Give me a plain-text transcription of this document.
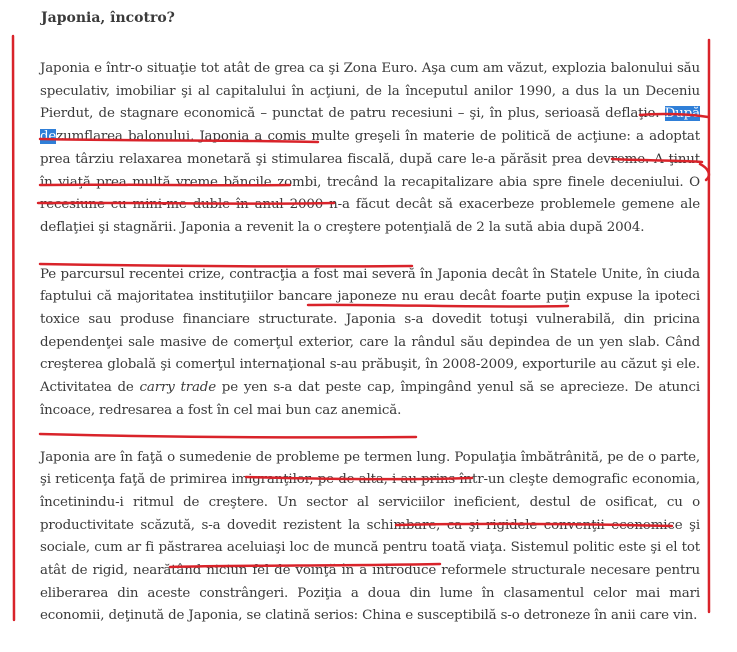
Japonia, încotro?

Japonia e într-o situaţie tot atât de grea ca şi Zona Euro. Aşa cum am văzut, explozia balonului său speculativ, imobiliar şi al capitalului în acţiuni, de la începutul anilor 1990, a dus la un Deceniu Pierdut, de stagnare economică – punctat de patru recesiuni – şi, în plus, serioasă deflaţie. După dezumflarea balonului, Japonia a comis multe greşeli în materie de politică de acţiune: a adoptat prea târziu relaxarea monetară şi stimularea fiscală, după care le-a părăsit prea devreme. A ţinut în viaţă prea multă vreme băncile zombi, trecând la recapitalizare abia spre finele deceniului. O recesiune cu mini-me duble în anul 2000 n-a făcut decât să exacerbeze problemele gemene ale deflaţiei şi stagnării. Japonia a revenit la o creştere potenţială de 2 la sută abia după 2004.

Pe parcursul recentei crize, contracţia a fost mai severă în Japonia decât în Statele Unite, în ciuda faptului că majoritatea instituţiilor bancare japoneze nu erau decât foarte puţin expuse la ipoteci toxice sau produse financiare structurate. Japonia s-a dovedit totuşi vulnerabilă, din pricina dependenţei sale masive de comerţul exterior, care la rândul său depindea de un yen slab. Când creşterea globală şi comerţul internaţional s-au prăbuşit, în 2008-2009, exporturile au căzut şi ele. Activitatea de carry trade pe yen s-a dat peste cap, împingând yenul să se aprecieze. De atunci încoace, redresarea a fost în cel mai bun caz anemică.

Japonia are în faţă o sumedenie de probleme pe termen lung. Populaţia îmbătrânită, pe de o parte, şi reticenţa faţă de primirea imigranţilor, pe de alta, i-au prins într-un cleşte demografic economia, încetinindu-i ritmul de creştere. Un sector al serviciilor ineficient, destul de osificat, cu o productivitate scăzută, s-a dovedit rezistent la schimbare, ca şi rigidele convenţii economice şi sociale, cum ar fi păstrarea aceluiaşi loc de muncă pentru toată viaţa. Sistemul politic este şi el tot atât de rigid, nearătând niciun fel de voinţă în a introduce reformele structurale necesare pentru eliberarea din aceste constrângeri. Poziţia a doua din lume în clasamentul celor mai mari economii, deţinută de Japonia, se clatină serios: China e susceptibilă s-o detroneze în anii care vin.
